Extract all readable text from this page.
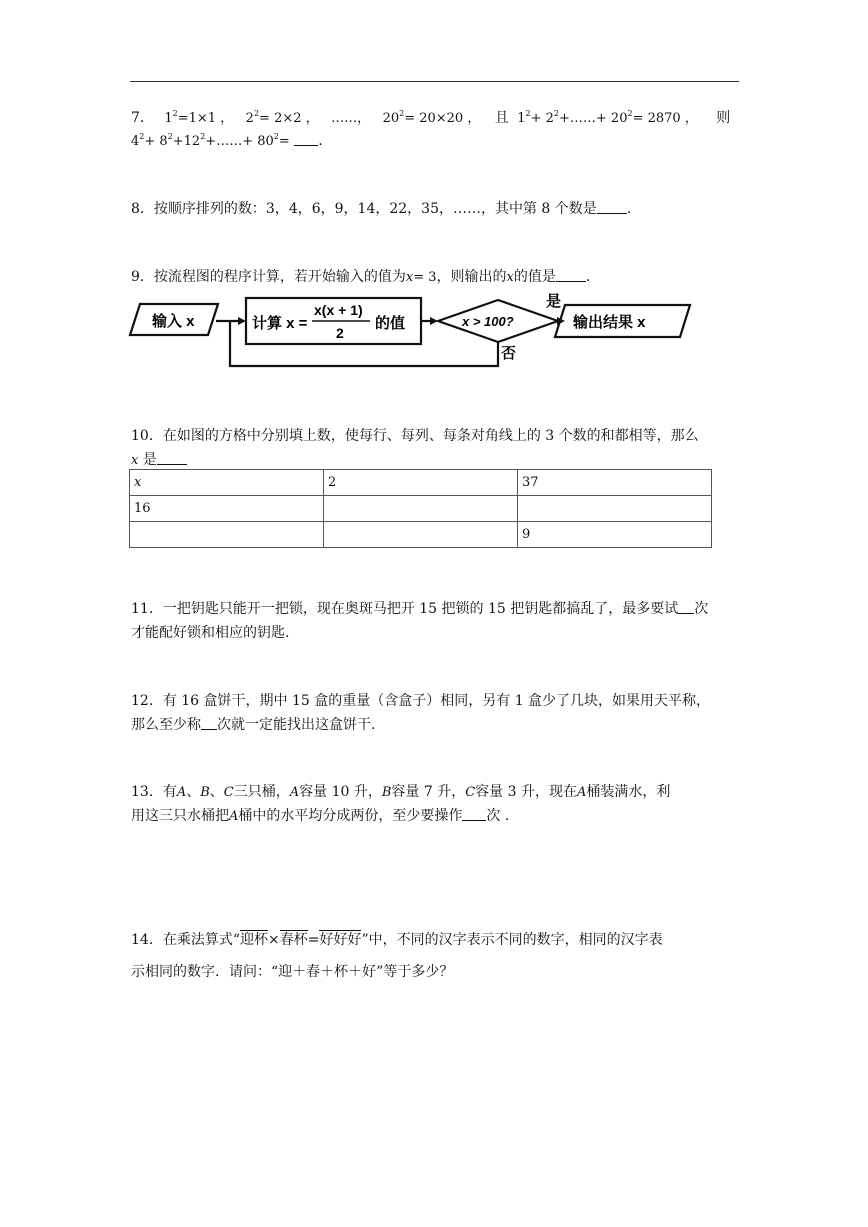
7． $1^2=1\times 1$ ， $2^2= 2\times 2$ ， ……， $20^2= 20\times 20$ ， 且 $1^2+$ $2^2+\dots\dots+ 20^2= 2870$ ， 则
$4^2+$ $8^2+12^2+\dots\dots+ 80^2=$ .
8．按顺序排列的数：3，4，6，9，14，22，35，……，其中第 8 个数是 .
9．按流程图的程序计算，若开始输入的值为x= 3，则输出的x的值是 .
输入 x	计算 x =
x(x + 1)
2
的值	x > 100?
是
否
输出结果 x
10．在如图的方格中分别填上数，使每行、每列、每条对角线上的 3 个数的和都相等，那么
x 是
x	2	37
16		
		9
11．一把钥匙只能开一把锁，现在奥斑马把开 15 把锁的 15 把钥匙都搞乱了，最多要试 次
才能配好锁和相应的钥匙.
12．有 16 盒饼干，期中 15 盒的重量（含盒子）相同，另有 1 盒少了几块，如果用天平称，
那么至少称 次就一定能找出这盒饼干.
13．有A、B、C三只桶，A容量 10 升，B容量 7 升，C容量 3 升，现在A桶装满水，利
用这三只水桶把A桶中的水平均分成两份，至少要操作 次 .
14．在乘法算式“迎杯×春杯=好好好”中，不同的汉字表示不同的数字，相同的汉字表
示相同的数字．请问：“迎＋春＋杯＋好”等于多少？
